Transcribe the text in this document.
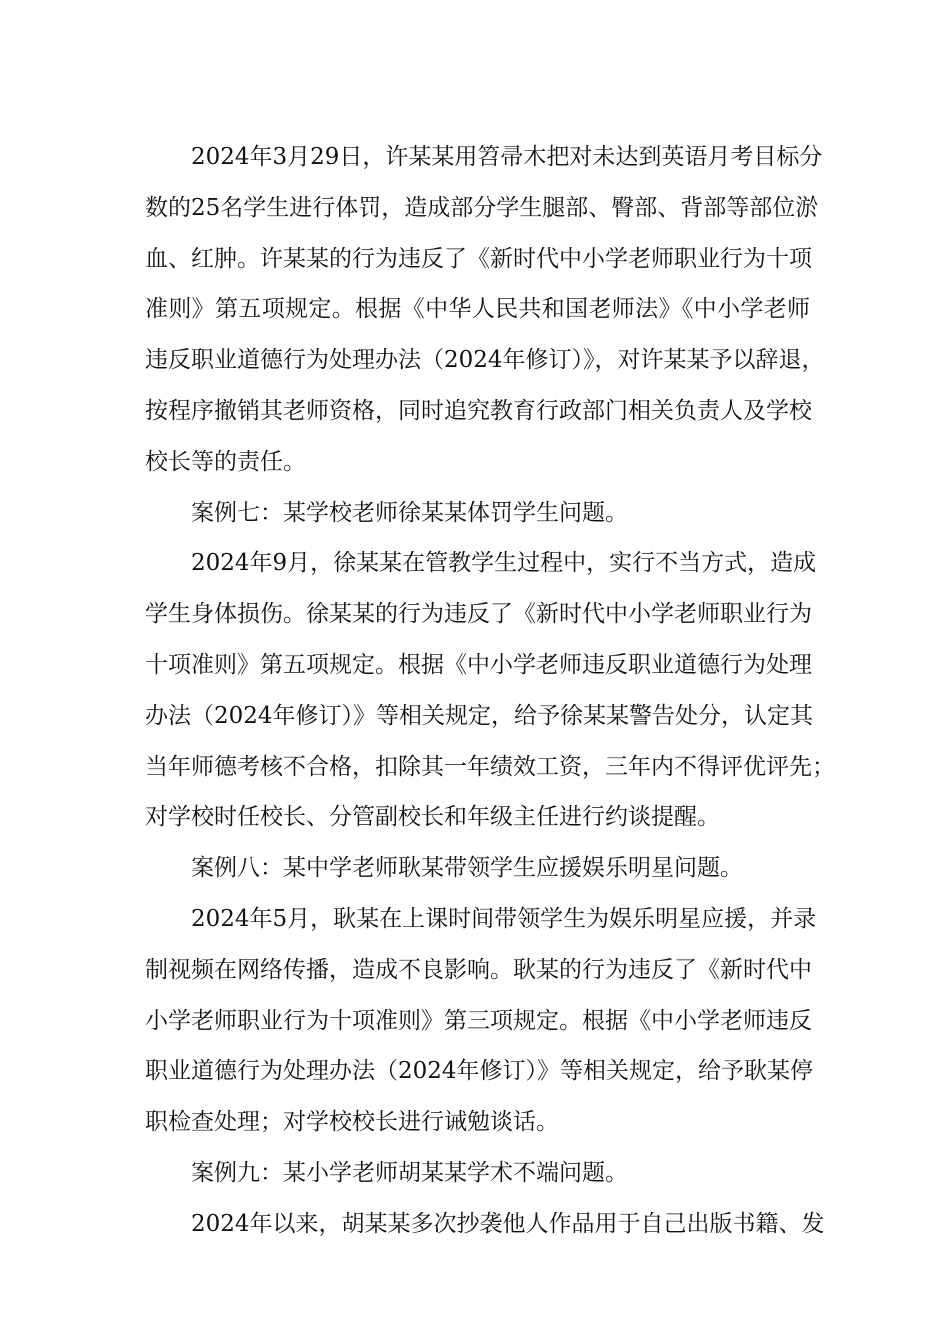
2024年3月29日，许某某用笤帚木把对未达到英语月考目标分
数的25名学生进行体罚，造成部分学生腿部、臀部、背部等部位淤
血、红肿。许某某的行为违反了《新时代中小学老师职业行为十项
准则》第五项规定。根据《中华人民共和国老师法》《中小学老师
违反职业道德行为处理办法（2024年修订）》，对许某某予以辞退，
按程序撤销其老师资格，同时追究教育行政部门相关负责人及学校
校长等的责任。
案例七：某学校老师徐某某体罚学生问题。
2024年9月，徐某某在管教学生过程中，实行不当方式，造成
学生身体损伤。徐某某的行为违反了《新时代中小学老师职业行为
十项准则》第五项规定。根据《中小学老师违反职业道德行为处理
办法（2024年修订）》等相关规定，给予徐某某警告处分，认定其
当年师德考核不合格，扣除其一年绩效工资，三年内不得评优评先；
对学校时任校长、分管副校长和年级主任进行约谈提醒。
案例八：某中学老师耿某带领学生应援娱乐明星问题。
2024年5月，耿某在上课时间带领学生为娱乐明星应援，并录
制视频在网络传播，造成不良影响。耿某的行为违反了《新时代中
小学老师职业行为十项准则》第三项规定。根据《中小学老师违反
职业道德行为处理办法（2024年修订）》等相关规定，给予耿某停
职检查处理；对学校校长进行诫勉谈话。
案例九：某小学老师胡某某学术不端问题。
2024年以来，胡某某多次抄袭他人作品用于自己出版书籍、发
